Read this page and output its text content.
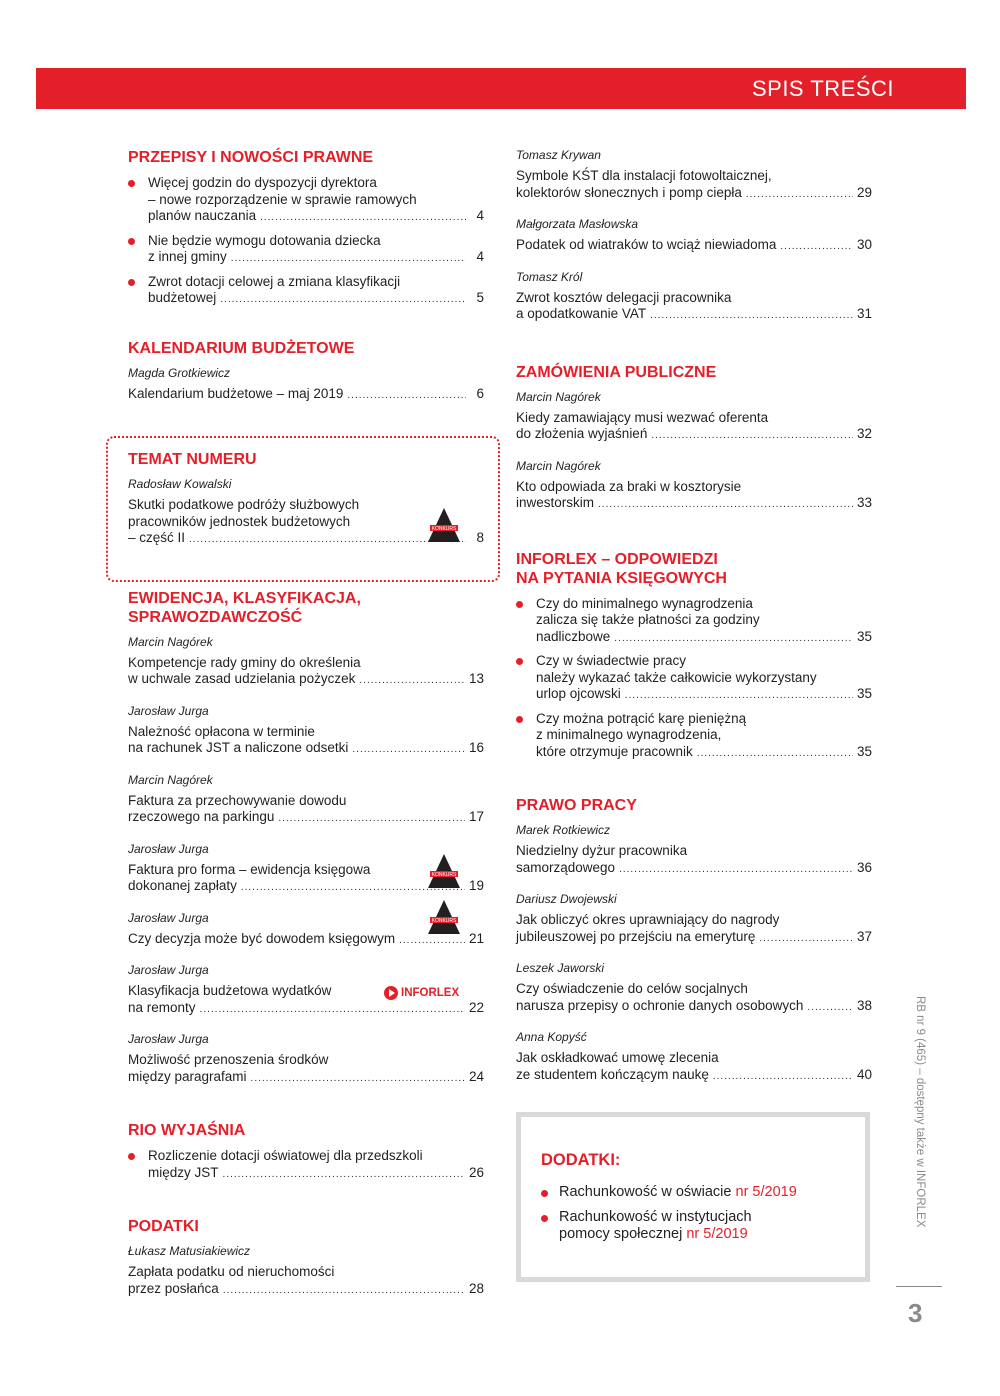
SPIS TREŚCI
PRZEPISY I NOWOŚCI PRAWNE
Więcej godzin do dyspozycji dyrektora
– nowe rozporządzenie w sprawie ramowych
planów nauczania .....	4
Nie będzie wymogu dotowania dziecka
z innej gminy .....	4
Zwrot dotacji celowej a zmiana klasyfikacji
budżetowej .....	5
KALENDARIUM BUDŻETOWE
Magda Grotkiewicz
Kalendarium budżetowe – maj 2019 .....	6
TEMAT NUMERU
Radosław Kowalski
Skutki podatkowe podróży służbowych
pracowników jednostek budżetowych
– część II .....	8
EWIDENCJA, KLASYFIKACJA,
SPRAWOZDAWCZOŚĆ
Marcin Nagórek
Kompetencje rady gminy do określenia
w uchwale zasad udzielania pożyczek .....	13
Jarosław Jurga
Należność opłacona w terminie
na rachunek JST a naliczone odsetki .....	16
Marcin Nagórek
Faktura za przechowywanie dowodu
rzeczowego na parkingu .....	17
Jarosław Jurga
Faktura pro forma – ewidencja księgowa
dokonanej zapłaty .....	19
Jarosław Jurga
Czy decyzja może być dowodem księgowym .....	21
Jarosław Jurga
Klasyfikacja budżetowa wydatków
na remonty .....	22
Jarosław Jurga
Możliwość przenoszenia środków
między paragrafami .....	24
RIO WYJAŚNIA
Rozliczenie dotacji oświatowej dla przedszkoli
między JST .....	26
PODATKI
Łukasz Matusiakiewicz
Zapłata podatku od nieruchomości
przez posłańca .....	28
KONKURS
KONKURS
KONKURS
INFORLEX
Tomasz Krywan
Symbole KŚT dla instalacji fotowoltaicznej,
kolektorów słonecznych i pomp ciepła .....	29
Małgorzata Masłowska
Podatek od wiatraków to wciąż niewiadoma .....	30
Tomasz Król
Zwrot kosztów delegacji pracownika
a opodatkowanie VAT .....	31
ZAMÓWIENIA PUBLICZNE
Marcin Nagórek
Kiedy zamawiający musi wezwać oferenta
do złożenia wyjaśnień .....	32
Marcin Nagórek
Kto odpowiada za braki w kosztorysie
inwestorskim .....	33
INFORLEX – ODPOWIEDZI
NA PYTANIA KSIĘGOWYCH
Czy do minimalnego wynagrodzenia
zalicza się także płatności za godziny
nadliczbowe .....	35
Czy w świadectwie pracy
należy wykazać także całkowicie wykorzystany
urlop ojcowski .....	35
Czy można potrącić karę pieniężną
z minimalnego wynagrodzenia,
które otrzymuje pracownik .....	35
PRAWO PRACY
Marek Rotkiewicz
Niedzielny dyżur pracownika
samorządowego .....	36
Dariusz Dwojewski
Jak obliczyć okres uprawniający do nagrody
jubileuszowej po przejściu na emeryturę .....	37
Leszek Jaworski
Czy oświadczenie do celów socjalnych
narusza przepisy o ochronie danych osobowych .....	38
Anna Kopyść
Jak oskładkować umowę zlecenia
ze studentem kończącym naukę .....	40
DODATKI:
Rachunkowość w oświacie nr 5/2019
Rachunkowość w instytucjach
pomocy społecznej nr 5/2019
RB nr 9 (465) – dostępny także w INFORLEX
3
